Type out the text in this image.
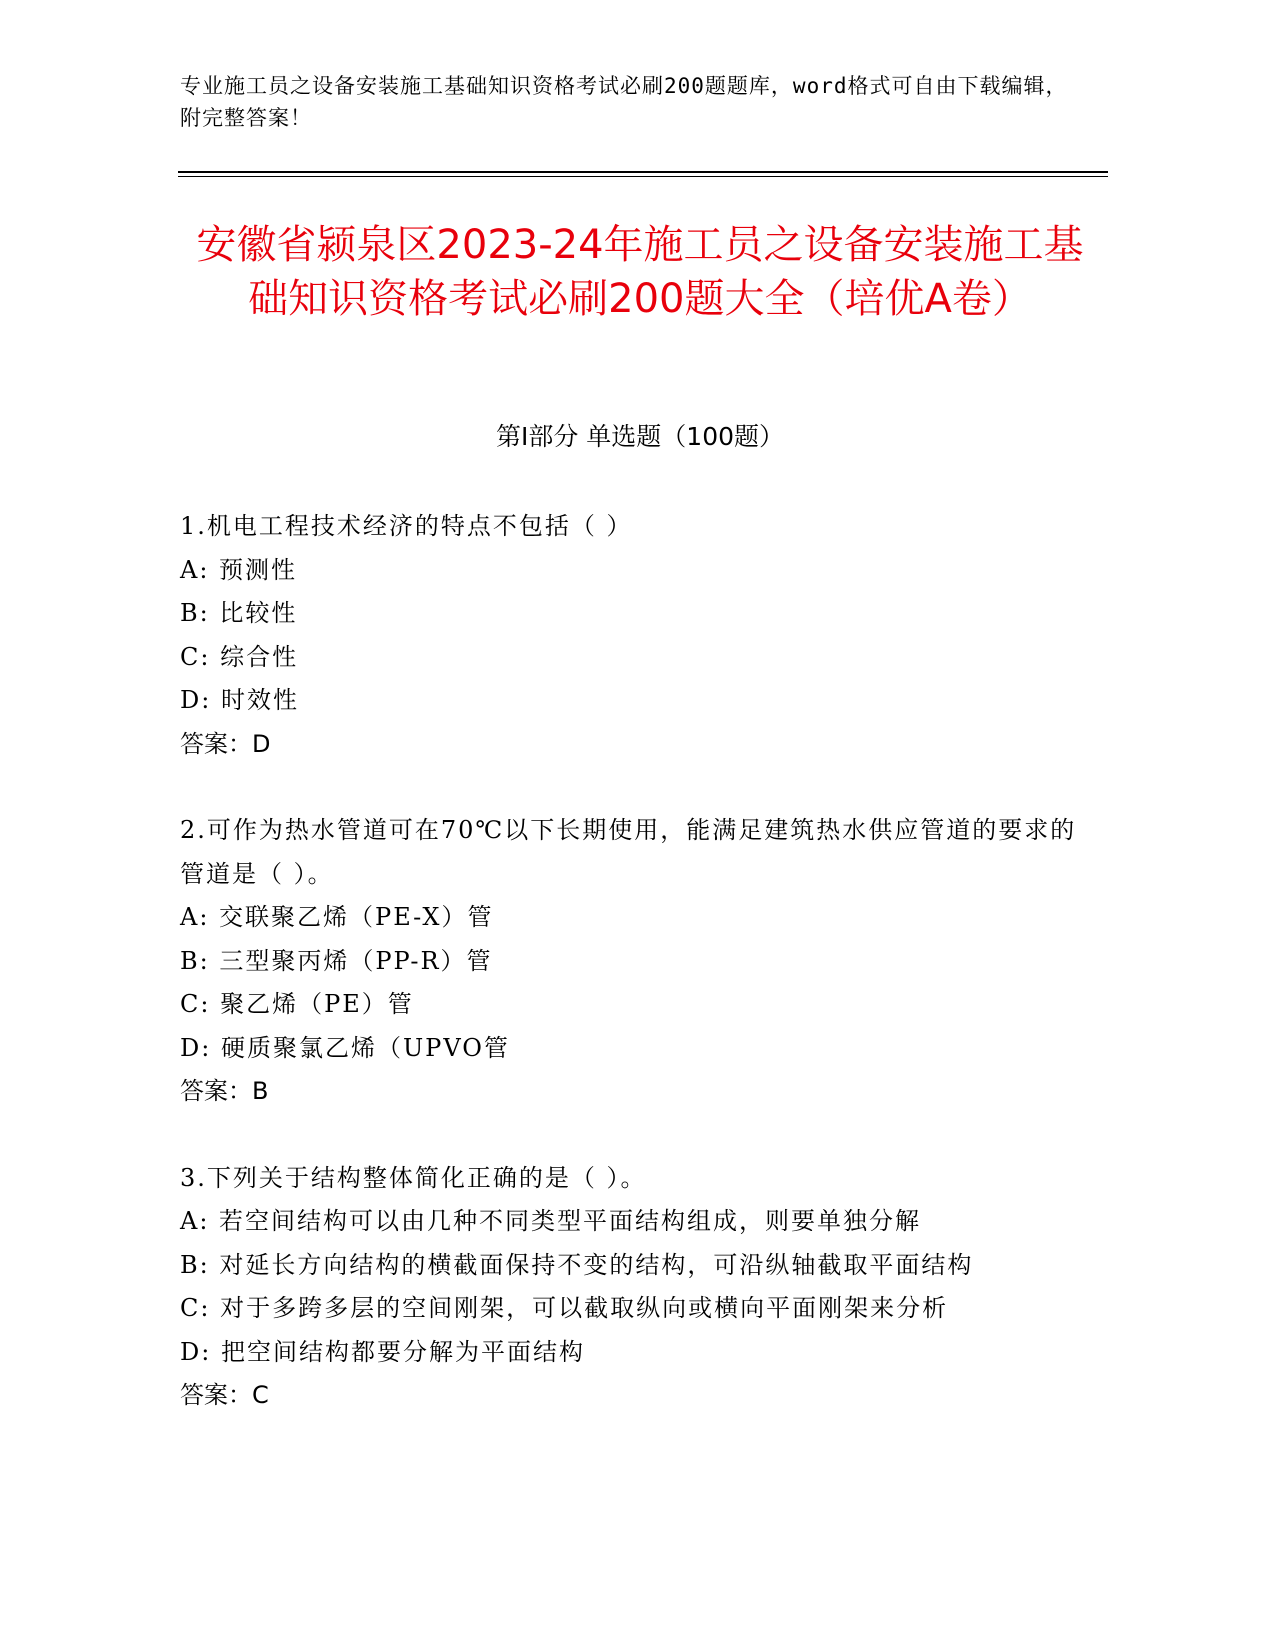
专业施工员之设备安装施工基础知识资格考试必刷200题题库，word格式可自由下载编辑，附完整答案！
安徽省颍泉区2023-24年施工员之设备安装施工基础知识资格考试必刷200题大全（培优A卷）
第I部分 单选题（100题）
1.机电工程技术经济的特点不包括（ ）
A: 预测性
B: 比较性
C: 综合性
D: 时效性
答案：D
2.可作为热水管道可在70℃以下长期使用，能满足建筑热水供应管道的要求的管道是（ ）。
A: 交联聚乙烯（PE-X）管
B: 三型聚丙烯（PP-R）管
C: 聚乙烯（PE）管
D: 硬质聚氯乙烯（UPVO管
答案：B
3.下列关于结构整体简化正确的是（ ）。
A: 若空间结构可以由几种不同类型平面结构组成，则要单独分解
B: 对延长方向结构的横截面保持不变的结构，可沿纵轴截取平面结构
C: 对于多跨多层的空间刚架，可以截取纵向或横向平面刚架来分析
D: 把空间结构都要分解为平面结构
答案：C
